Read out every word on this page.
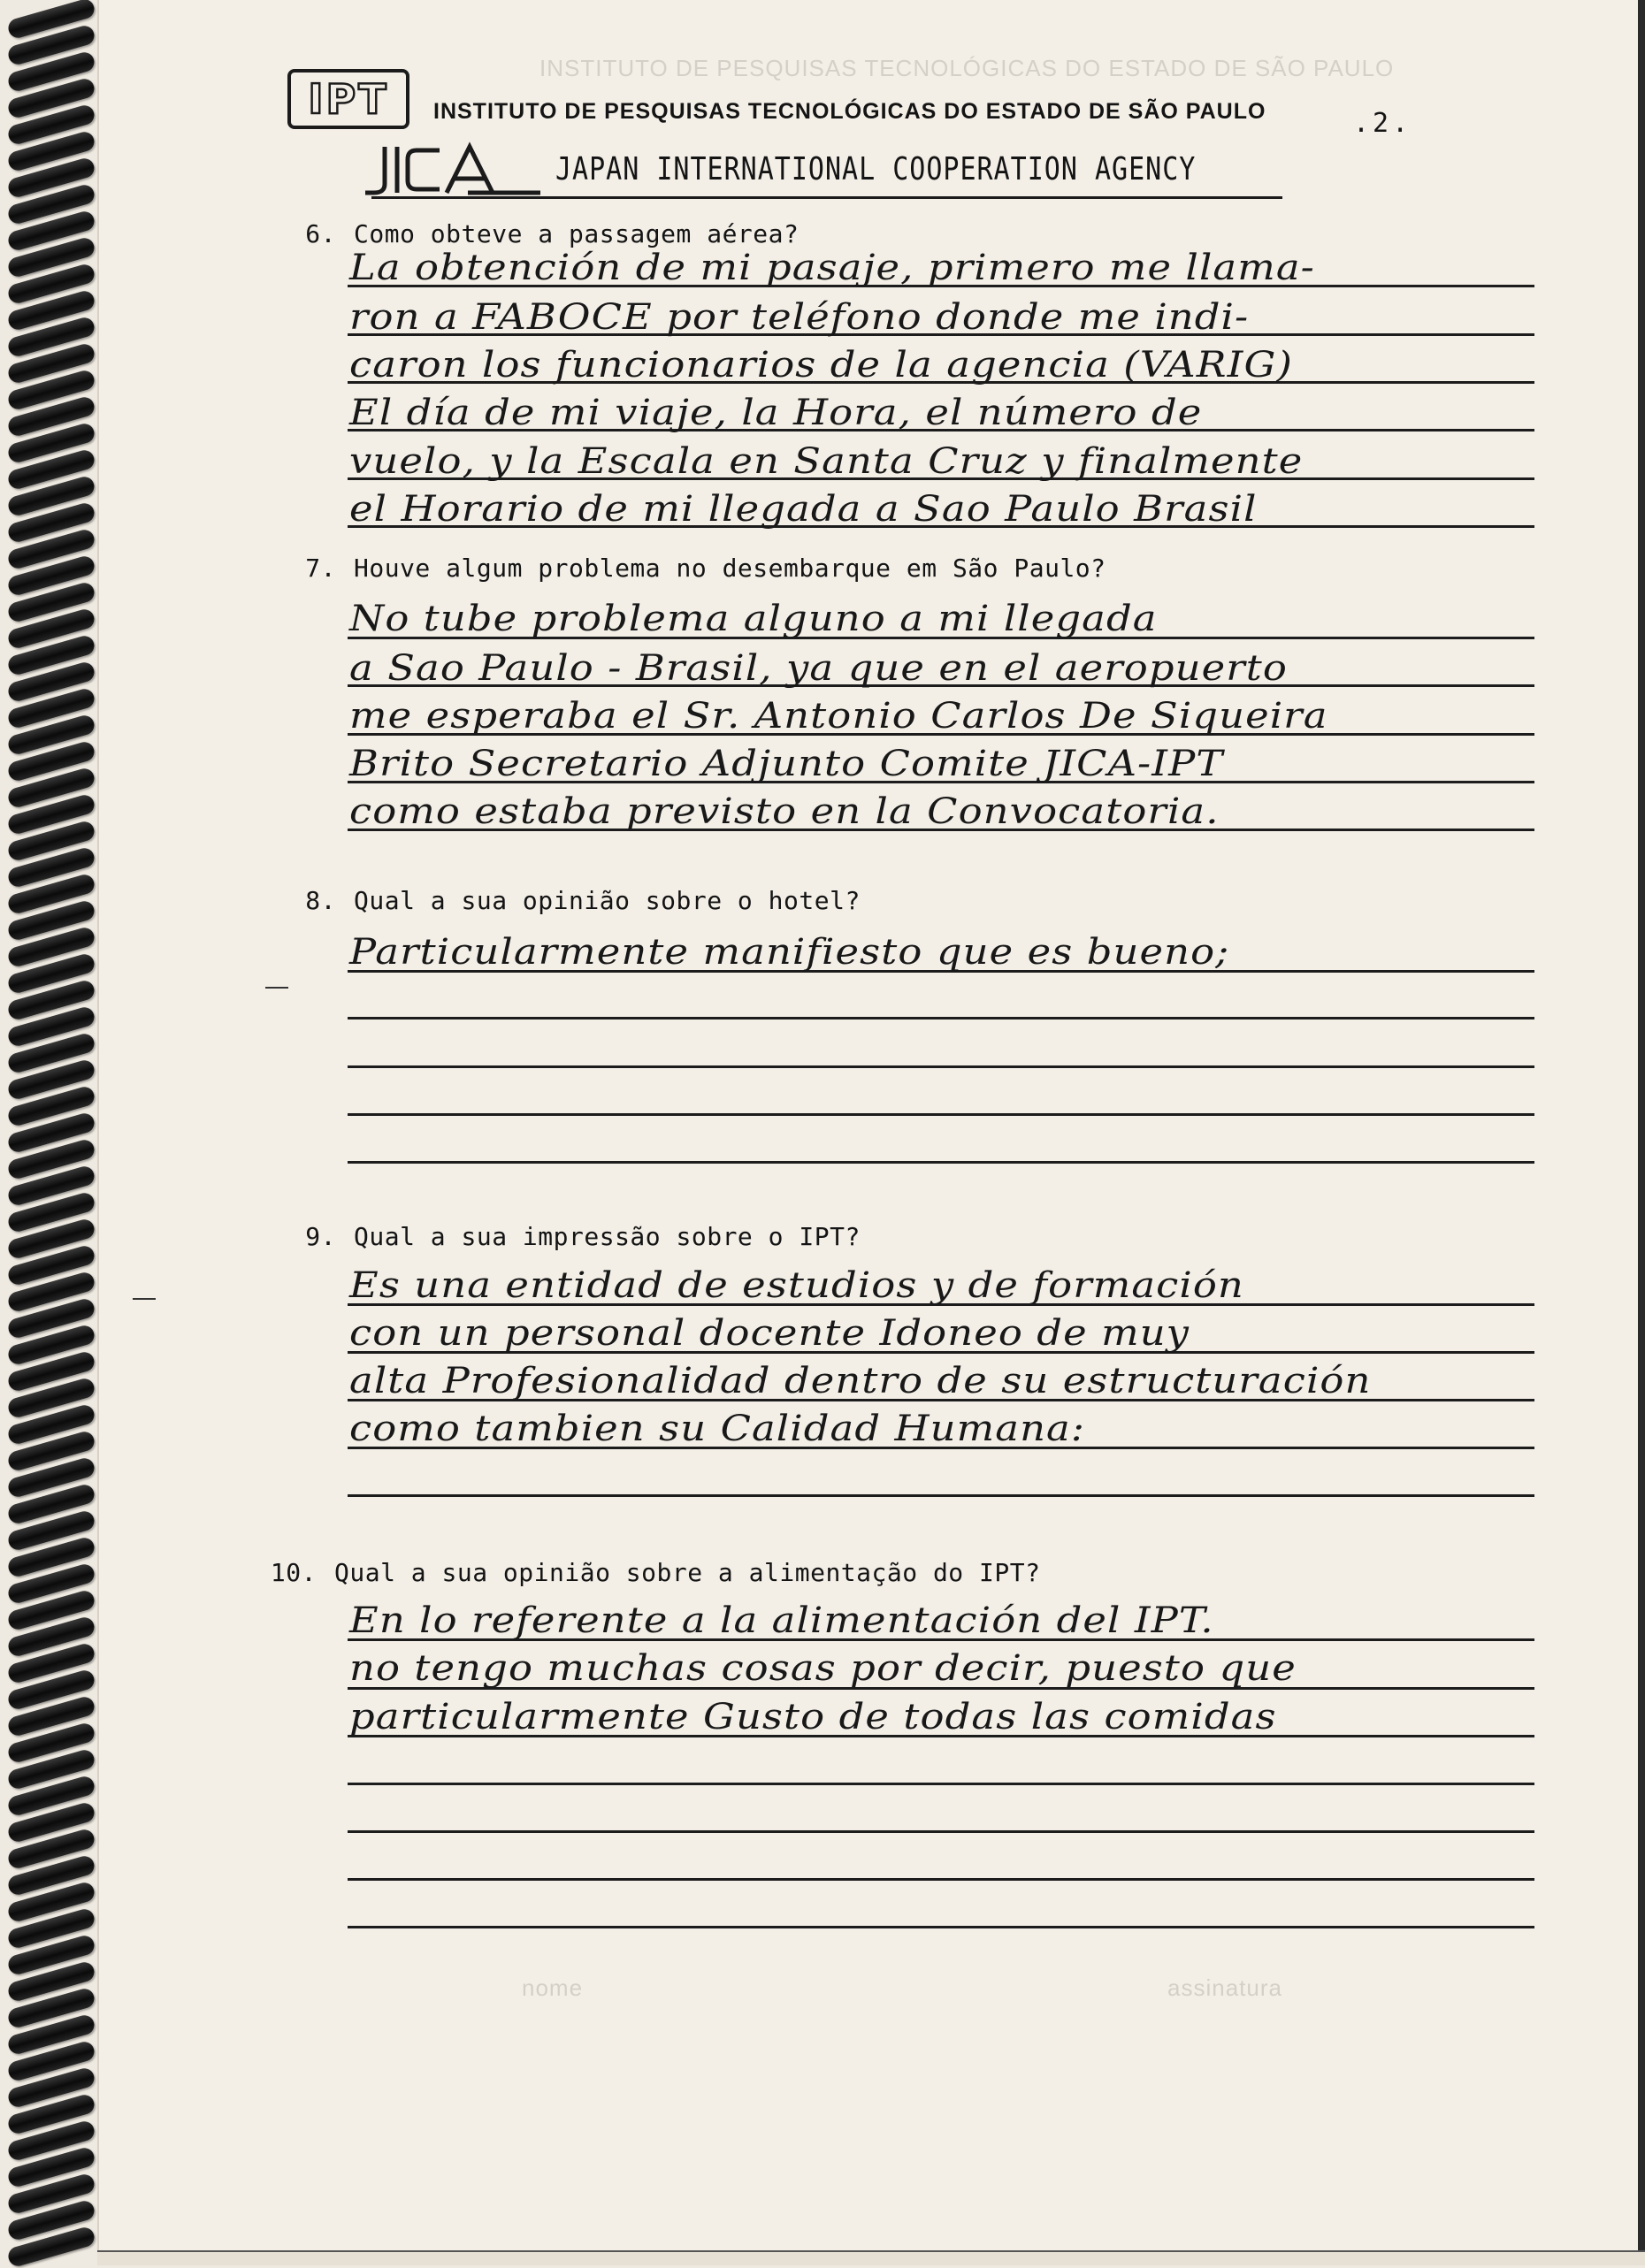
INSTITUTO DE PESQUISAS TECNOLÓGICAS DO ESTADO DE SÃO PAULO
nome	assinatura
IPT INSTITUTO DE PESQUISAS TECNOLÓGICAS DO ESTADO DE SÃO PAULO	.2.
JAPAN INTERNATIONAL COOPERATION AGENCY
6. Como obteve a passagem aérea?
La obtención de mi pasaje, primero me llama-
ron a FABOCE por teléfono donde me indi-
caron los funcionarios de la agencia (VARIG)
El día de mi viaje, la Hora, el número de
vuelo, y la Escala en Santa Cruz y finalmente
el Horario de mi llegada a Sao Paulo Brasil
7. Houve algum problema no desembarque em São Paulo?
No tube problema alguno a mi llegada
a Sao Paulo - Brasil, ya que en el aeropuerto
me esperaba el Sr. Antonio Carlos De Siqueira
Brito Secretario Adjunto Comite JICA-IPT
como estaba previsto en la Convocatoria.
8. Qual a sua opinião sobre o hotel?
Particularmente manifiesto que es bueno;
9. Qual a sua impressão sobre o IPT?
Es una entidad de estudios y de formación
con un personal docente Idoneo de muy
alta Profesionalidad dentro de su estructuración
como tambien su Calidad Humana:
10. Qual a sua opinião sobre a alimentação do IPT?
En lo referente a la alimentación del IPT.
no tengo muchas cosas por decir, puesto que
particularmente Gusto de todas las comidas
